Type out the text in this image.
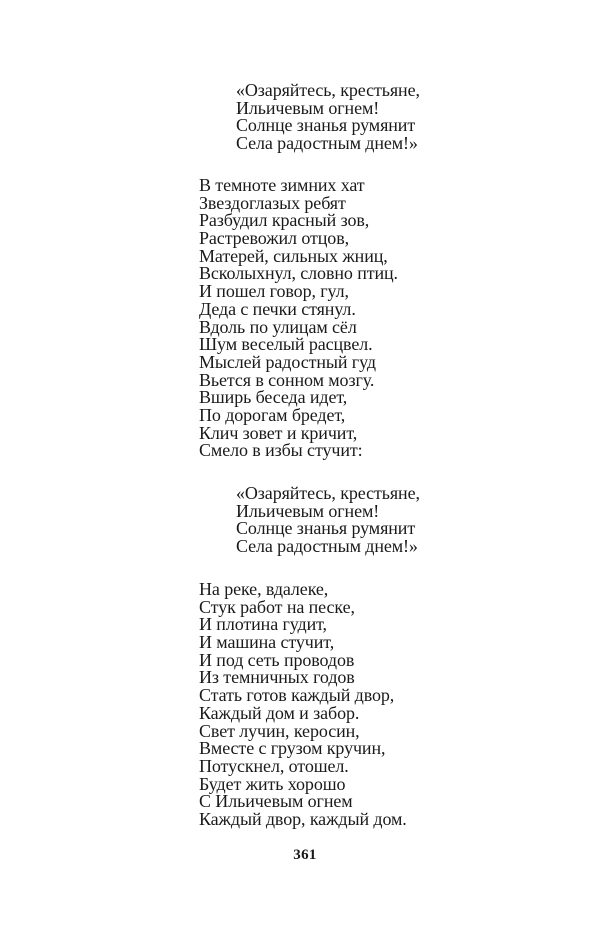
«Озаряйтесь, крестьяне,
Ильичевым огнем!
Солнце знанья румянит
Села радостным днем!»
В темноте зимних хат
Звездоглазых ребят
Разбудил красный зов,
Растревожил отцов,
Матерей, сильных жниц,
Всколыхнул, словно птиц.
И пошел говор, гул,
Деда с печки стянул.
Вдоль по улицам сёл
Шум веселый расцвел.
Мыслей радостный гуд
Вьется в сонном мозгу.
Вширь беседа идет,
По дорогам бредет,
Клич зовет и кричит,
Смело в избы стучит:
«Озаряйтесь, крестьяне,
Ильичевым огнем!
Солнце знанья румянит
Села радостным днем!»
На реке, вдалеке,
Стук работ на песке,
И плотина гудит,
И машина стучит,
И под сеть проводов
Из темничных годов
Стать готов каждый двор,
Каждый дом и забор.
Свет лучин, керосин,
Вместе с грузом кручин,
Потускнел, отошел.
Будет жить хорошо
С Ильичевым огнем
Каждый двор, каждый дом.
361
